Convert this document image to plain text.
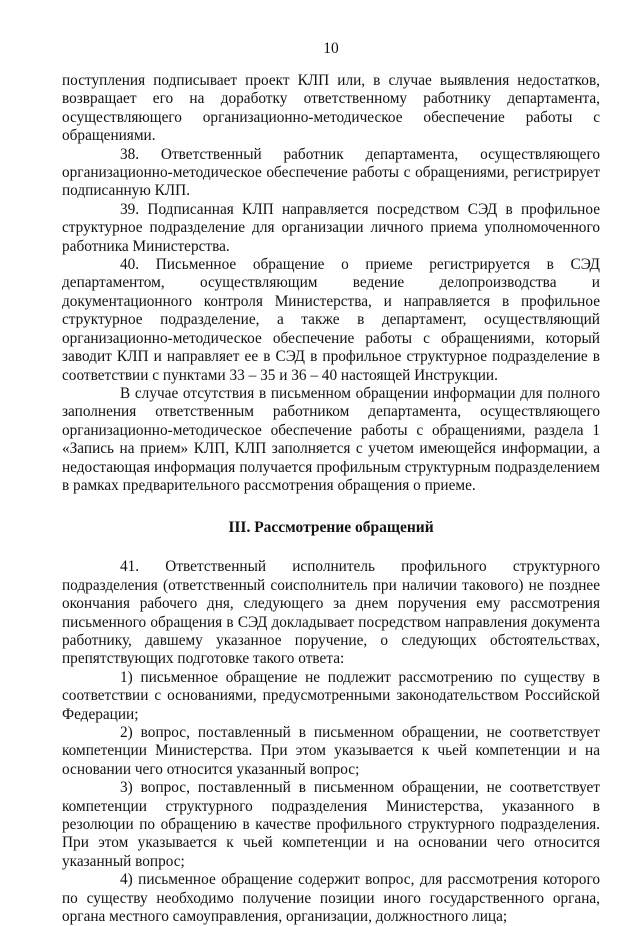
10

поступления подписывает проект КЛП или, в случае выявления недостатков, возвращает его на доработку ответственному работнику департамента, осуществляющего организационно-методическое обеспечение работы с обращениями.

38. Ответственный работник департамента, осуществляющего организационно-методическое обеспечение работы с обращениями, регистрирует подписанную КЛП.

39. Подписанная КЛП направляется посредством СЭД в профильное структурное подразделение для организации личного приема уполномоченного работника Министерства.

40. Письменное обращение о приеме регистрируется в СЭД департаментом, осуществляющим ведение делопроизводства и документационного контроля Министерства, и направляется в профильное структурное подразделение, а также в департамент, осуществляющий организационно-методическое обеспечение работы с обращениями, который заводит КЛП и направляет ее в СЭД в профильное структурное подразделение в соответствии с пунктами 33 – 35 и 36 – 40 настоящей Инструкции.

В случае отсутствия в письменном обращении информации для полного заполнения ответственным работником департамента, осуществляющего организационно-методическое обеспечение работы с обращениями, раздела 1 «Запись на прием» КЛП, КЛП заполняется с учетом имеющейся информации, а недостающая информация получается профильным структурным подразделением в рамках предварительного рассмотрения обращения о приеме.

III. Рассмотрение обращений

41. Ответственный исполнитель профильного структурного подразделения (ответственный соисполнитель при наличии такового) не позднее окончания рабочего дня, следующего за днем поручения ему рассмотрения письменного обращения в СЭД докладывает посредством направления документа работнику, давшему указанное поручение, о следующих обстоятельствах, препятствующих подготовке такого ответа:

1) письменное обращение не подлежит рассмотрению по существу в соответствии с основаниями, предусмотренными законодательством Российской Федерации;

2) вопрос, поставленный в письменном обращении, не соответствует компетенции Министерства. При этом указывается к чьей компетенции и на основании чего относится указанный вопрос;

3) вопрос, поставленный в письменном обращении, не соответствует компетенции структурного подразделения Министерства, указанного в резолюции по обращению в качестве профильного структурного подразделения. При этом указывается к чьей компетенции и на основании чего относится указанный вопрос;

4) письменное обращение содержит вопрос, для рассмотрения которого по существу необходимо получение позиции иного государственного органа, органа местного самоуправления, организации, должностного лица;
